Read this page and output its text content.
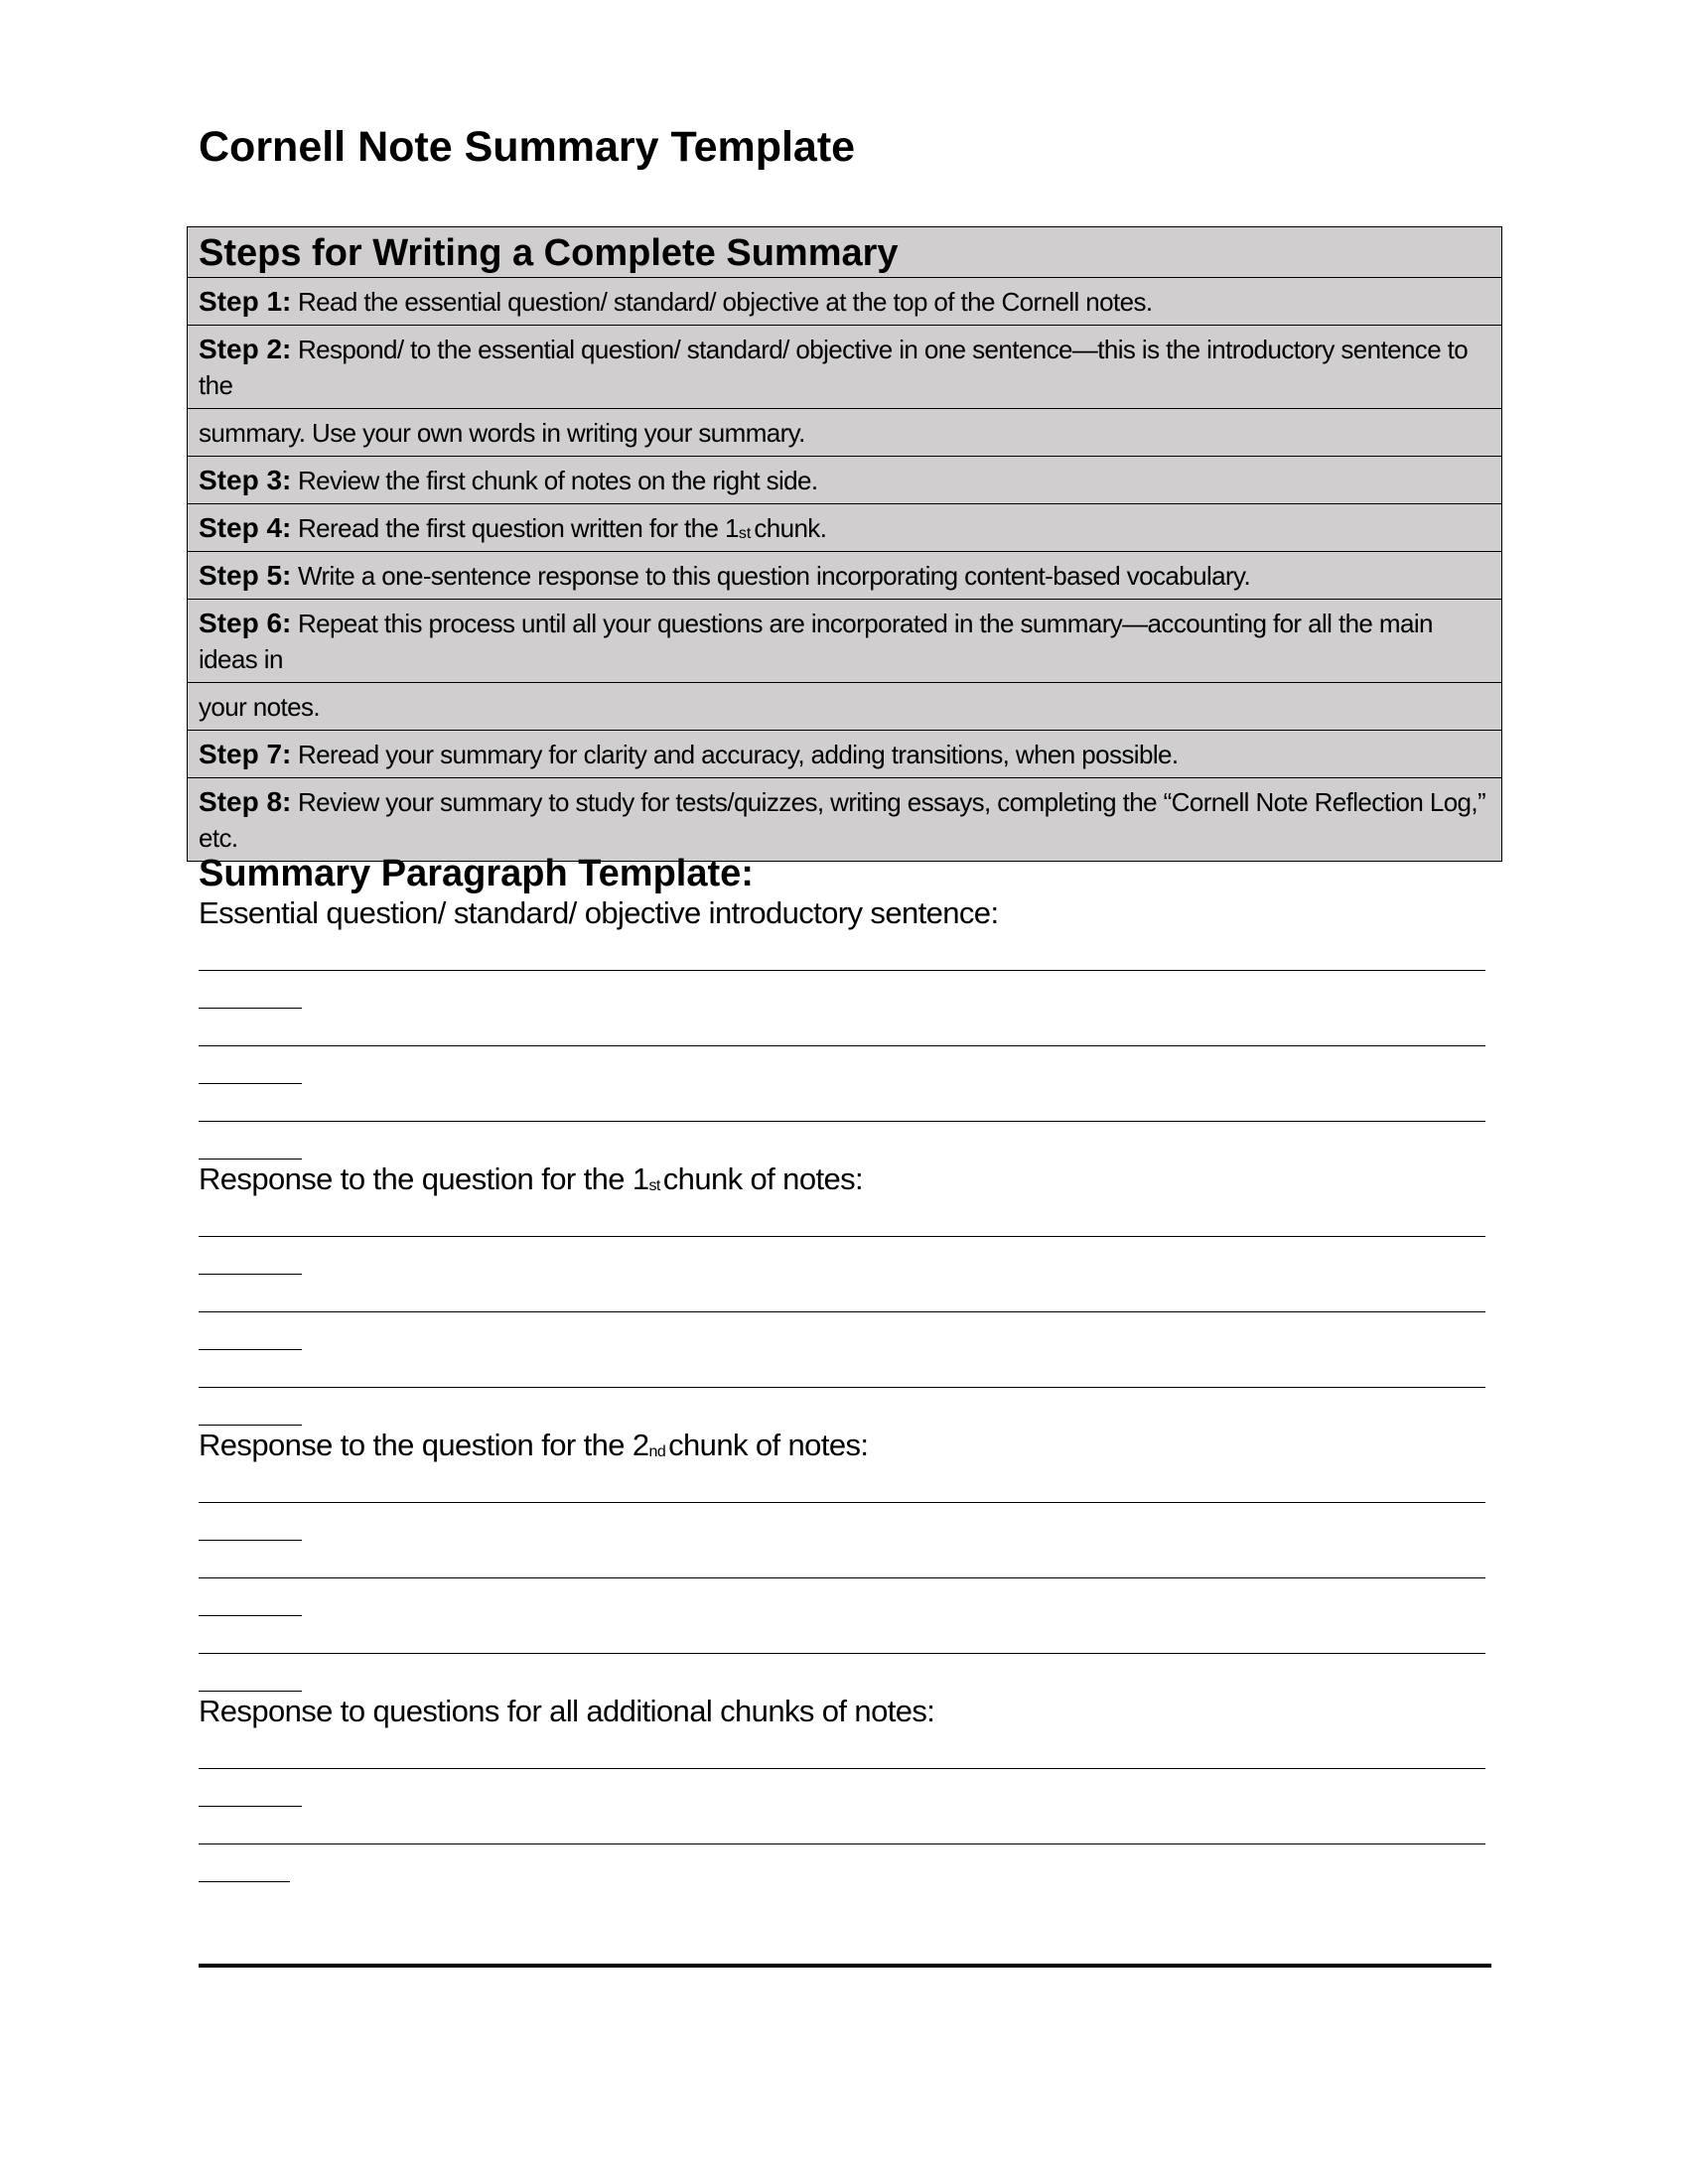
Cornell Note Summary Template
Steps for Writing a Complete Summary
Step 1: Read the essential question/ standard/ objective at the top of the Cornell notes.
Step 2: Respond/ to the essential question/ standard/ objective in one sentence—this is the introductory sentence to the
summary. Use your own words in writing your summary.
Step 3: Review the first chunk of notes on the right side.
Step 4: Reread the first question written for the 1st chunk.
Step 5: Write a one-sentence response to this question incorporating content-based vocabulary.
Step 6: Repeat this process until all your questions are incorporated in the summary—accounting for all the main ideas in
your notes.
Step 7: Reread your summary for clarity and accuracy, adding transitions, when possible.
Step 8: Review your summary to study for tests/quizzes, writing essays, completing the “Cornell Note Reflection Log,” etc.
Summary Paragraph Template:
Essential question/ standard/ objective introductory sentence:
Response to the question for the 1stchunk of notes:
Response to the question for the 2ndchunk of notes:
Response to questions for all additional chunks of notes:
